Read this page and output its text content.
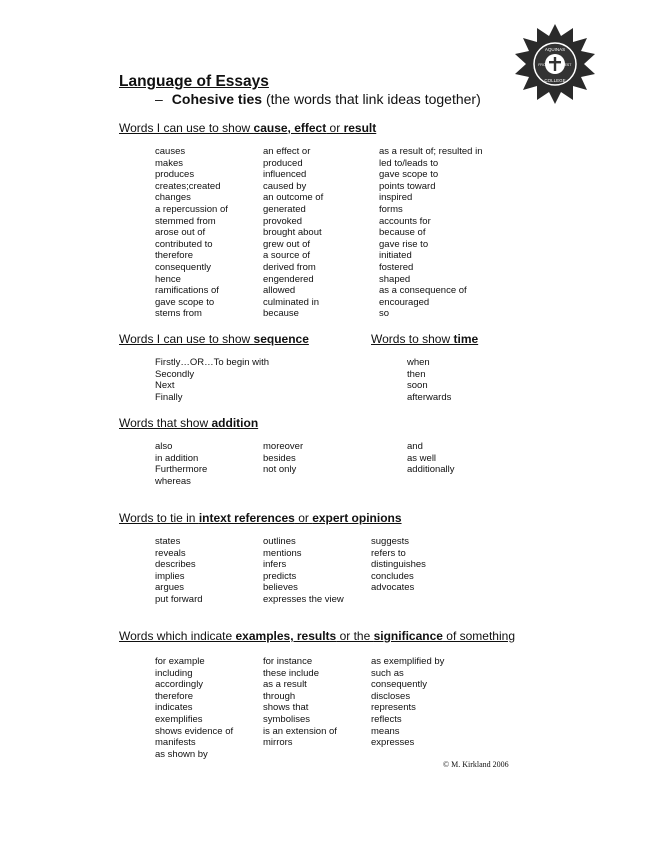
AQUINAS
COLLEGE
FRO	EST
Language of Essays
– Cohesive ties (the words that link ideas together)
Words I can use to show cause, effect or result
causes
makes
produces
creates;created
changes
a repercussion of
stemmed from
arose out of
contributed to
therefore
consequently
hence
ramifications of
gave scope to
stems from
an effect or
produced
influenced
caused by
an outcome of
generated
provoked
brought about
grew out of
a source of
derived from
engendered
allowed
culminated in
because
as a result of; resulted in
led to/leads to
gave scope to
points toward
inspired
forms
accounts for
because of
gave rise to
initiated
fostered
shaped
as a consequence of
encouraged
so
Words I can use to show sequence
Firstly…OR…To begin with
Secondly
Next
Finally
Words to show time
when
then
soon
afterwards
Words that show addition
also
in addition
Furthermore
whereas
moreover
besides
not only
and
as well
additionally
Words to tie in intext references or expert opinions
states
reveals
describes
implies
argues
put forward
outlines
mentions
infers
predicts
believes
expresses the view
suggests
refers to
distinguishes
concludes
advocates
Words which indicate examples, results or the significance of something
for example
including
accordingly
therefore
indicates
exemplifies
shows evidence of
manifests
as shown by
for instance
these include
as a result
through
shows that
symbolises
is an extension of
mirrors
as exemplified by
such as
consequently
discloses
represents
reflects
means
expresses
© M. Kirkland 2006
